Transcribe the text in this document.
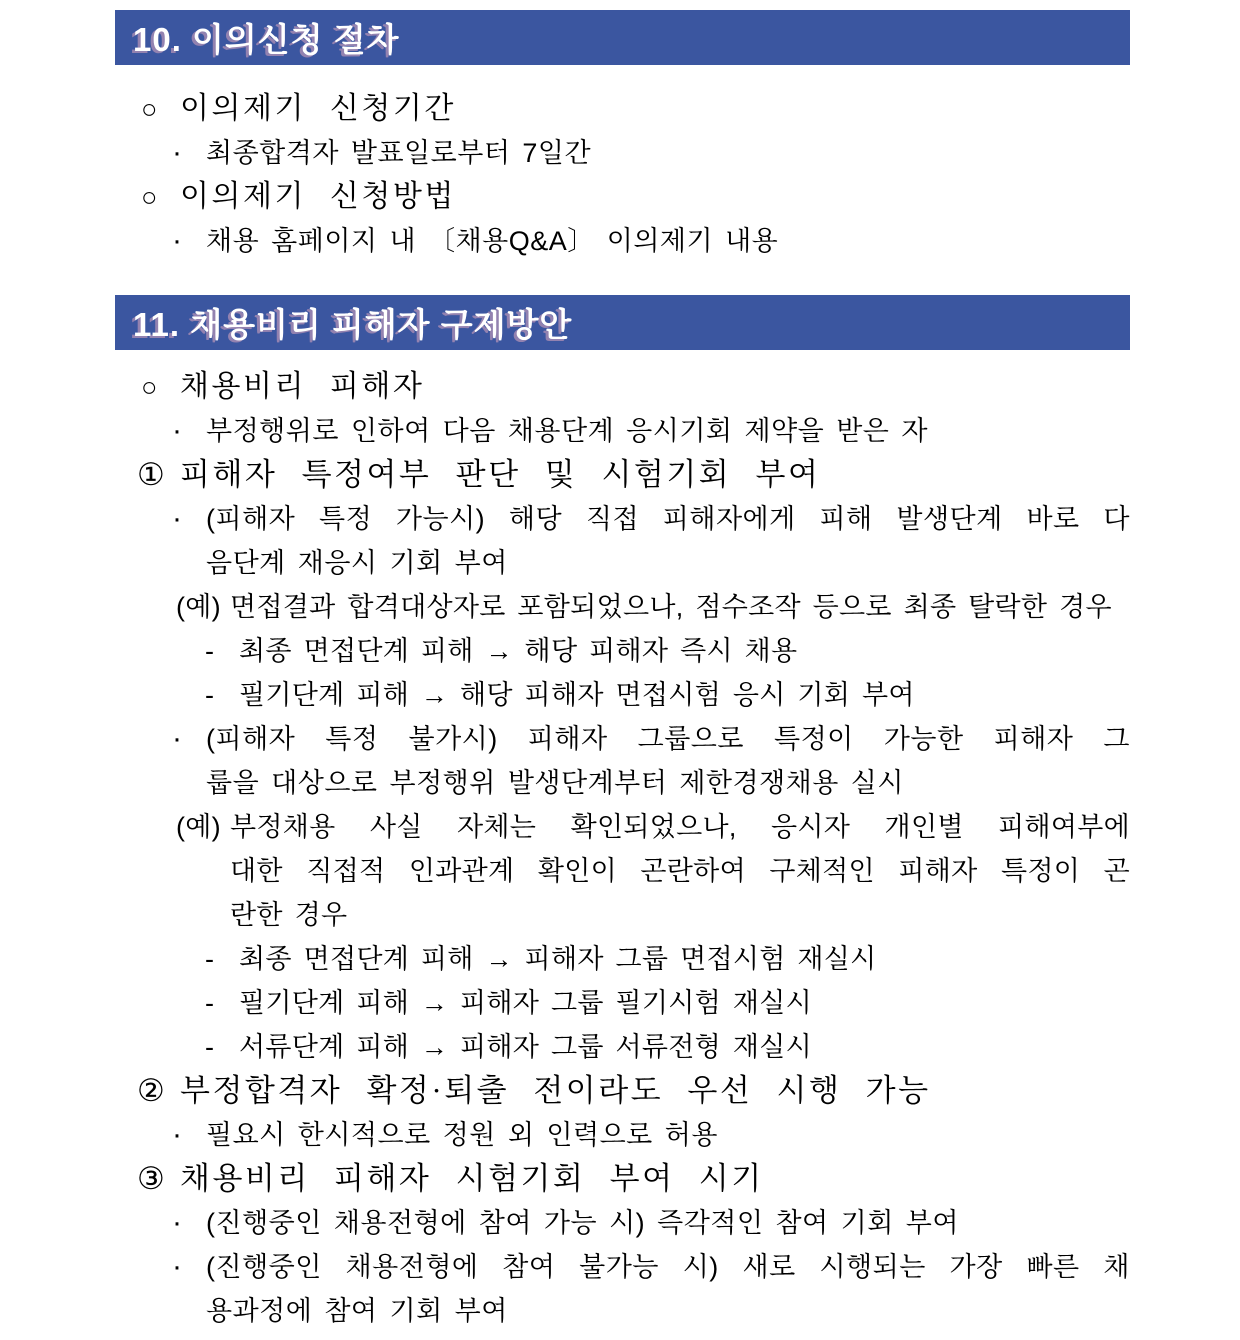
10. 이의신청 절차
○ 이의제기 신청기간
· 최종합격자 발표일로부터 7일간
○ 이의제기 신청방법
· 채용 홈페이지 내 〔채용Q&A〕 이의제기 내용
11. 채용비리 피해자 구제방안
○ 채용비리 피해자
· 부정행위로 인하여 다음 채용단계 응시기회 제약을 받은 자
① 피해자 특정여부 판단 및 시험기회 부여
· (피해자 특정 가능시) 해당 직접 피해자에게 피해 발생단계 바로 다
음단계 재응시 기회 부여
(예) 면접결과 합격대상자로 포함되었으나, 점수조작 등으로 최종 탈락한 경우
- 최종 면접단계 피해 → 해당 피해자 즉시 채용
- 필기단계 피해 → 해당 피해자 면접시험 응시 기회 부여
· (피해자 특정 불가시) 피해자 그룹으로 특정이 가능한 피해자 그
룹을 대상으로 부정행위 발생단계부터 제한경쟁채용 실시
(예) 부정채용 사실 자체는 확인되었으나, 응시자 개인별 피해여부에
대한 직접적 인과관계 확인이 곤란하여 구체적인 피해자 특정이 곤
란한 경우
- 최종 면접단계 피해 → 피해자 그룹 면접시험 재실시
- 필기단계 피해 → 피해자 그룹 필기시험 재실시
- 서류단계 피해 → 피해자 그룹 서류전형 재실시
② 부정합격자 확정·퇴출 전이라도 우선 시행 가능
· 필요시 한시적으로 정원 외 인력으로 허용
③ 채용비리 피해자 시험기회 부여 시기
· (진행중인 채용전형에 참여 가능 시) 즉각적인 참여 기회 부여
· (진행중인 채용전형에 참여 불가능 시) 새로 시행되는 가장 빠른 채
용과정에 참여 기회 부여
